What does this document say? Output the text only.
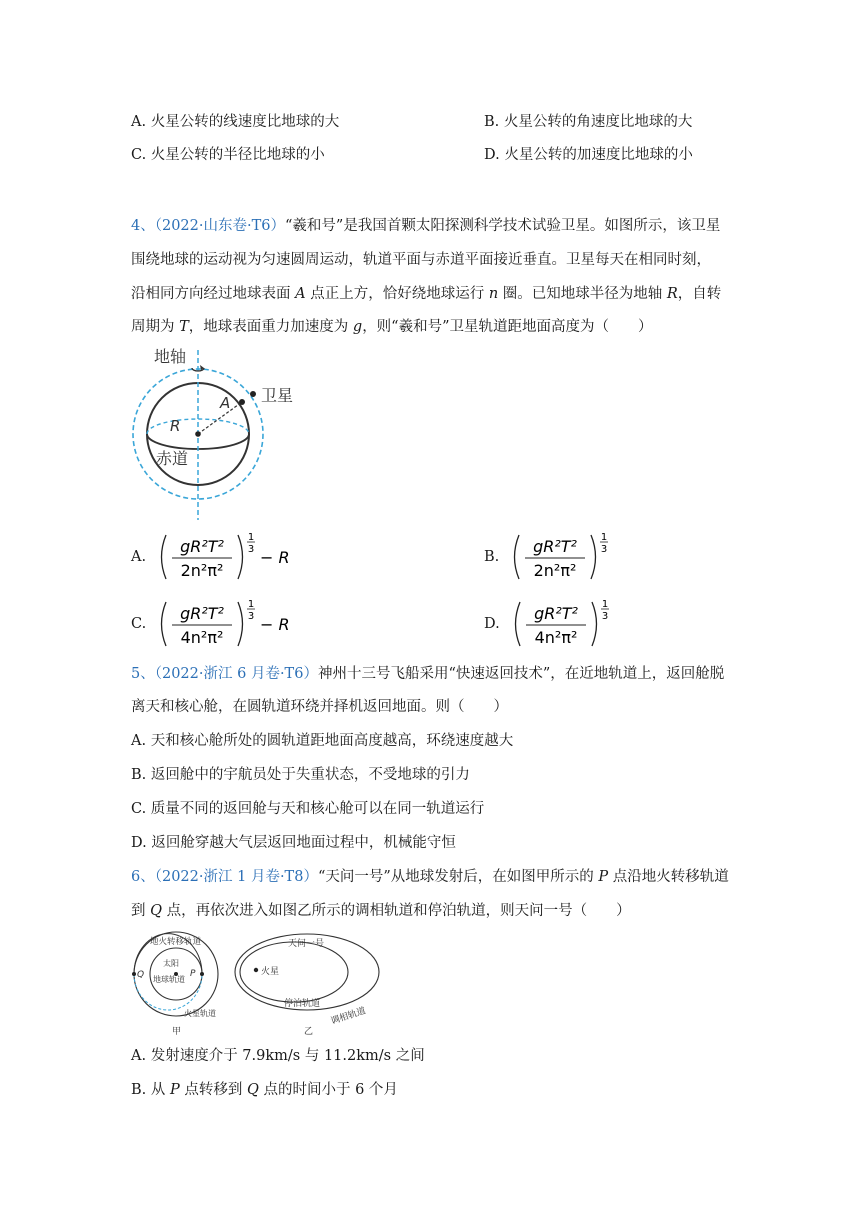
A. 火星公转的线速度比地球的大	B. 火星公转的角速度比地球的大
C. 火星公转的半径比地球的小	D. 火星公转的加速度比地球的小
4、（2022·山东卷·T6）“羲和号”是我国首颗太阳探测科学技术试验卫星。如图所示，该卫星
围绕地球的运动视为匀速圆周运动，轨道平面与赤道平面接近垂直。卫星每天在相同时刻，
沿相同方向经过地球表面 A 点正上方，恰好绕地球运行 n 圈。已知地球半径为地轴 R，自转
周期为 T，地球表面重力加速度为 g，则“羲和号”卫星轨道距地面高度为（　　）
地轴
卫星
A
R
赤道
A.
gR²T²
2n²π²
1
3 − R	B.
gR²T²
2n²π²
1
3
C.
gR²T²
4n²π²
1
3 − R	D.
gR²T²
4n²π²
1
3
5、（2022·浙江 6 月卷·T6）神州十三号飞船采用“快速返回技术”，在近地轨道上，返回舱脱
离天和核心舱，在圆轨道环绕并择机返回地面。则（　　）
A. 天和核心舱所处的圆轨道距地面高度越高，环绕速度越大
B. 返回舱中的宇航员处于失重状态，不受地球的引力
C. 质量不同的返回舱与天和核心舱可以在同一轨道运行
D. 返回舱穿越大气层返回地面过程中，机械能守恒
6、（2022·浙江 1 月卷·T8）“天问一号”从地球发射后，在如图甲所示的 P 点沿地火转移轨道
到 Q 点，再依次进入如图乙所示的调相轨道和停泊轨道，则天问一号（　　）
地火转移轨道
太阳
地球轨道
火星轨道
P
Q
甲
火星
天问一号
停泊轨道
调相轨道
乙
A. 发射速度介于 7.9km/s 与 11.2km/s 之间
B. 从 P 点转移到 Q 点的时间小于 6 个月
